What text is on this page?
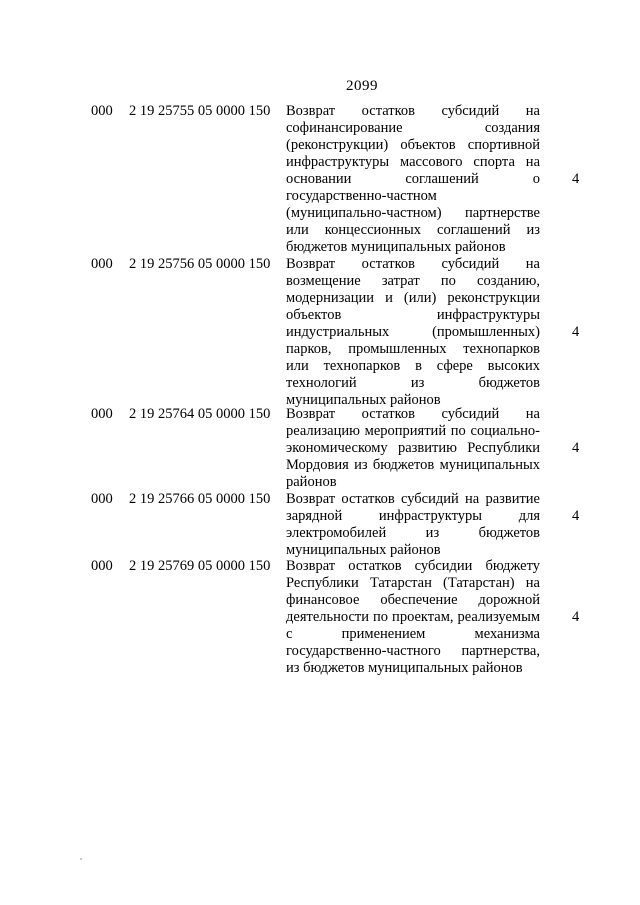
2099
000 2 19 25755 05 0000 150 Возврат остатков субсидий на
софинансирование создания
(реконструкции) объектов спортивной
инфраструктуры массового спорта на
основании соглашений о
государственно-частном
(муниципально-частном) партнерстве
или концессионных соглашений из
бюджетов муниципальных районов
4
000 2 19 25756 05 0000 150 Возврат остатков субсидий на
возмещение затрат по созданию,
модернизации и (или) реконструкции
объектов инфраструктуры
индустриальных (промышленных)
парков, промышленных технопарков
или технопарков в сфере высоких
технологий из бюджетов
муниципальных районов
4
000 2 19 25764 05 0000 150 Возврат остатков субсидий на
реализацию мероприятий по социально-
экономическому развитию Республики
Мордовия из бюджетов муниципальных
районов
4
000 2 19 25766 05 0000 150 Возврат остатков субсидий на развитие
зарядной инфраструктуры для
электромобилей из бюджетов
муниципальных районов
4
000 2 19 25769 05 0000 150 Возврат остатков субсидии бюджету
Республики Татарстан (Татарстан) на
финансовое обеспечение дорожной
деятельности по проектам, реализуемым
с применением механизма
государственно-частного партнерства,
из бюджетов муниципальных районов
4
